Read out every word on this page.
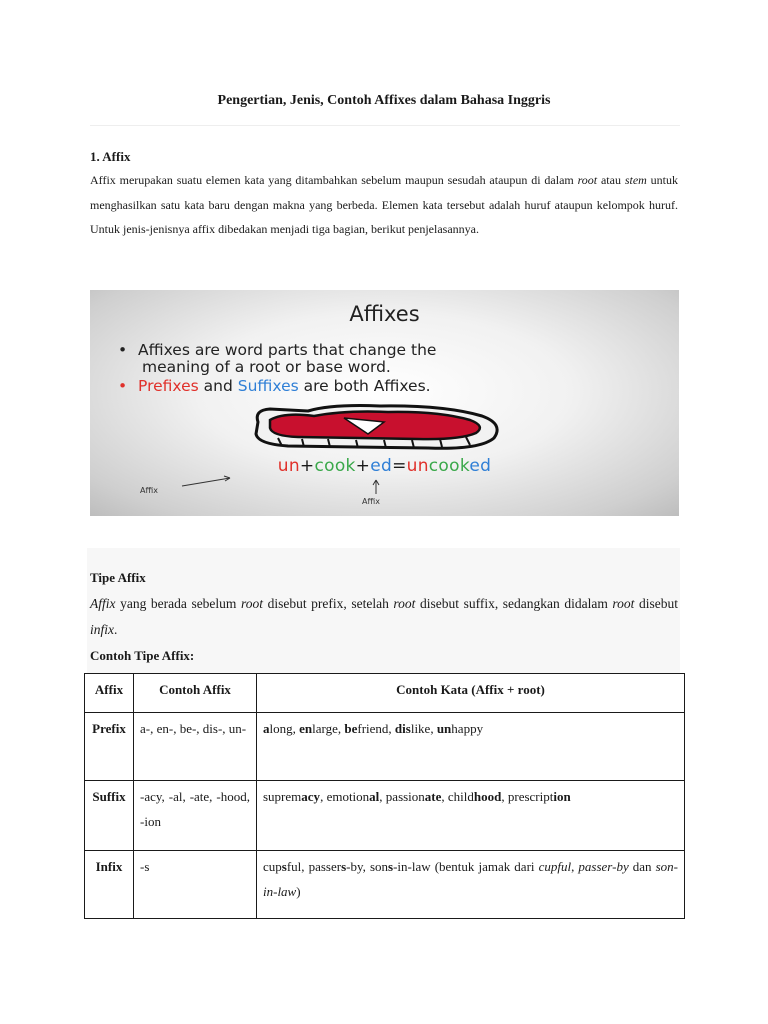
Pengertian, Jenis, Contoh Affixes dalam Bahasa Inggris
1. Affix
Affix merupakan suatu elemen kata yang ditambahkan sebelum maupun sesudah ataupun di dalam root atau stem untuk menghasilkan satu kata baru dengan makna yang berbeda. Elemen kata tersebut adalah huruf ataupun kelompok huruf. Untuk jenis-jenisnya affix dibedakan menjadi tiga bagian, berikut penjelasannya.
Affixes
• Affixes are word parts that change the
meaning of a root or base word.
• Prefixes and Suffixes are both Affixes.
un+cook+ed=uncooked
Affix
Affix
Tipe Affix
Affix yang berada sebelum root disebut prefix, setelah root disebut suffix, sedangkan didalam root disebut infix.
Contoh Tipe Affix:
Affix	Contoh Affix	Contoh Kata (Affix + root)
Prefix	a-, en-, be-, dis-, un-	along, enlarge, befriend, dislike, unhappy
Suffix	-acy, -al, -ate, -hood, -ion	supremacy, emotional, passionate, childhood, prescription
Infix	-s	cupsful, passers-by, sons-in-law (bentuk jamak dari cupful, passer-by dan son-in-law)
